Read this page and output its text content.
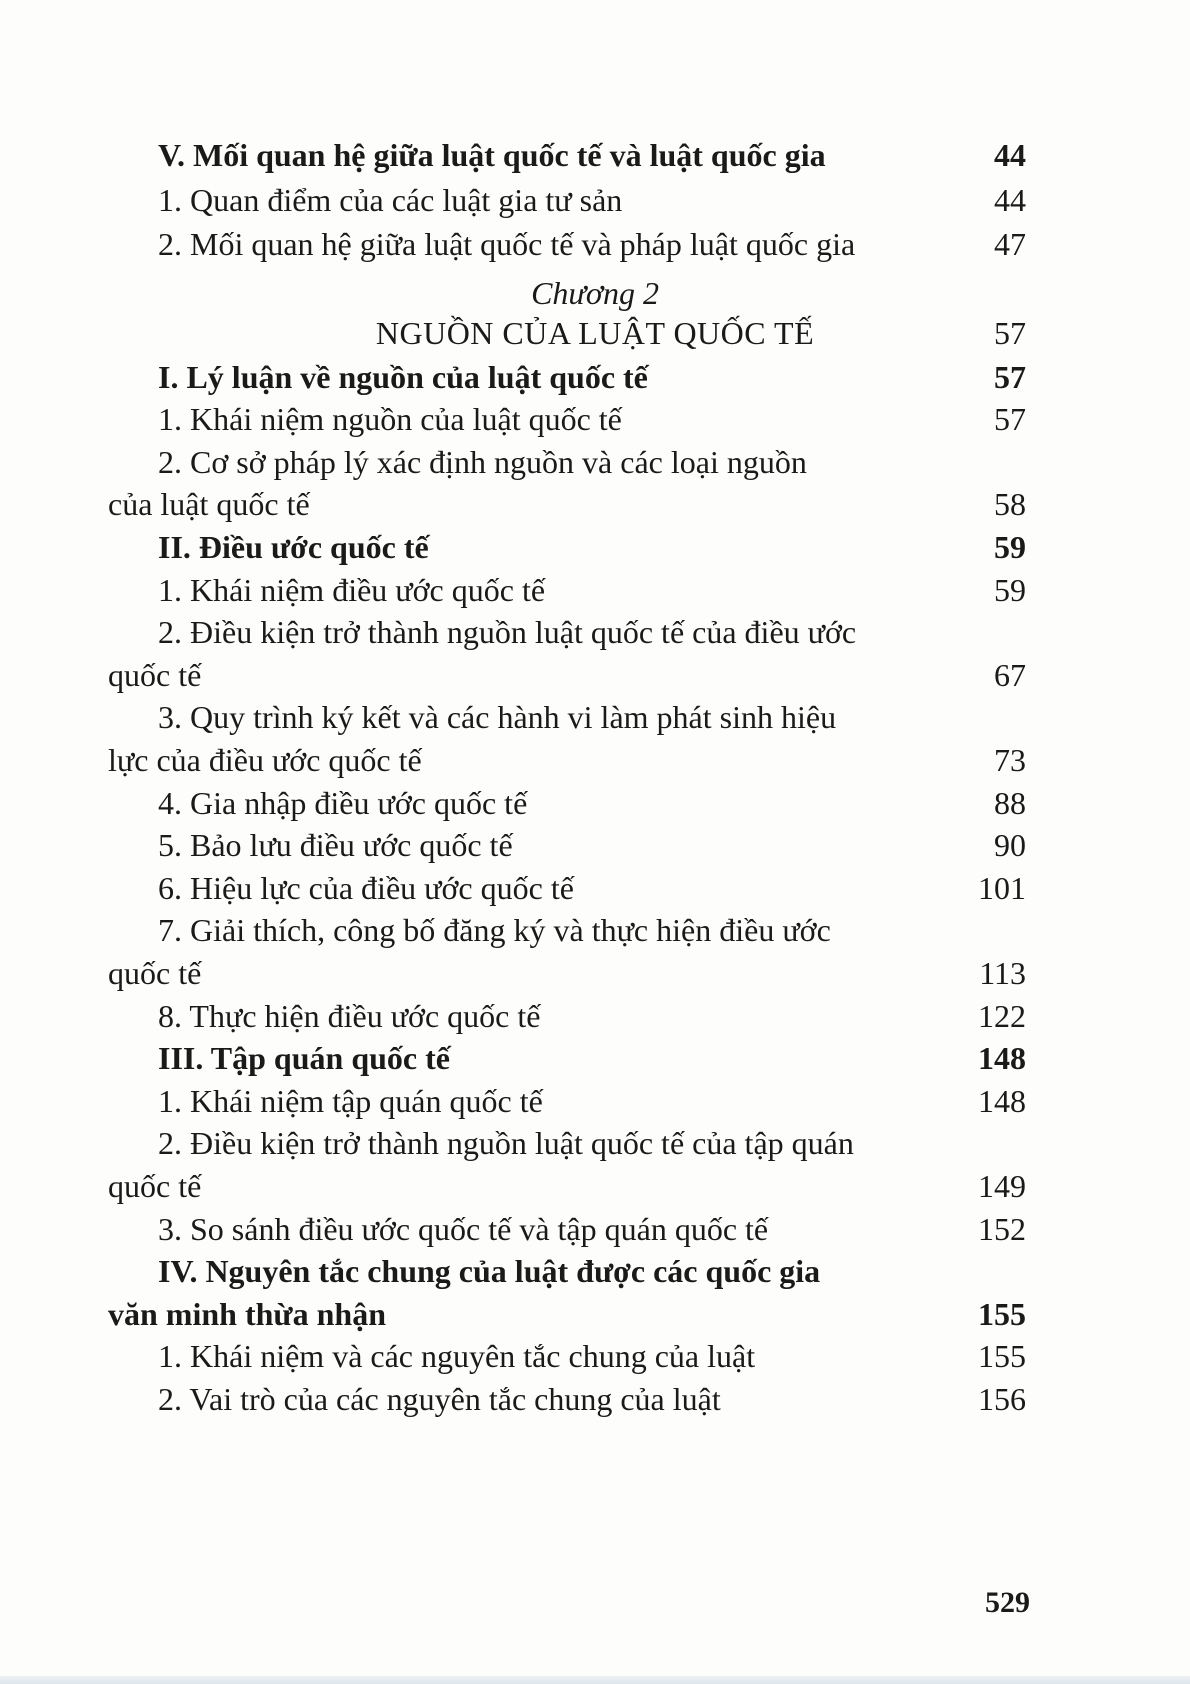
V. Mối quan hệ giữa luật quốc tế và luật quốc gia	44
1. Quan điểm của các luật gia tư sản	44
2. Mối quan hệ giữa luật quốc tế và pháp luật quốc gia	47
Chương 2
NGUỒN CỦA LUẬT QUỐC TẾ	57
I. Lý luận về nguồn của luật quốc tế	57
1. Khái niệm nguồn của luật quốc tế	57
2. Cơ sở pháp lý xác định nguồn và các loại nguồn
của luật quốc tế	58
II. Điều ước quốc tế	59
1. Khái niệm điều ước quốc tế	59
2. Điều kiện trở thành nguồn luật quốc tế của điều ước
quốc tế	67
3. Quy trình ký kết và các hành vi làm phát sinh hiệu
lực của điều ước quốc tế	73
4. Gia nhập điều ước quốc tế	88
5. Bảo lưu điều ước quốc tế	90
6. Hiệu lực của điều ước quốc tế	101
7. Giải thích, công bố đăng ký và thực hiện điều ước
quốc tế	113
8. Thực hiện điều ước quốc tế	122
III. Tập quán quốc tế	148
1. Khái niệm tập quán quốc tế	148
2. Điều kiện trở thành nguồn luật quốc tế của tập quán
quốc tế	149
3. So sánh điều ước quốc tế và tập quán quốc tế	152
IV. Nguyên tắc chung của luật được các quốc gia
văn minh thừa nhận	155
1. Khái niệm và các nguyên tắc chung của luật	155
2. Vai trò của các nguyên tắc chung của luật	156
529
